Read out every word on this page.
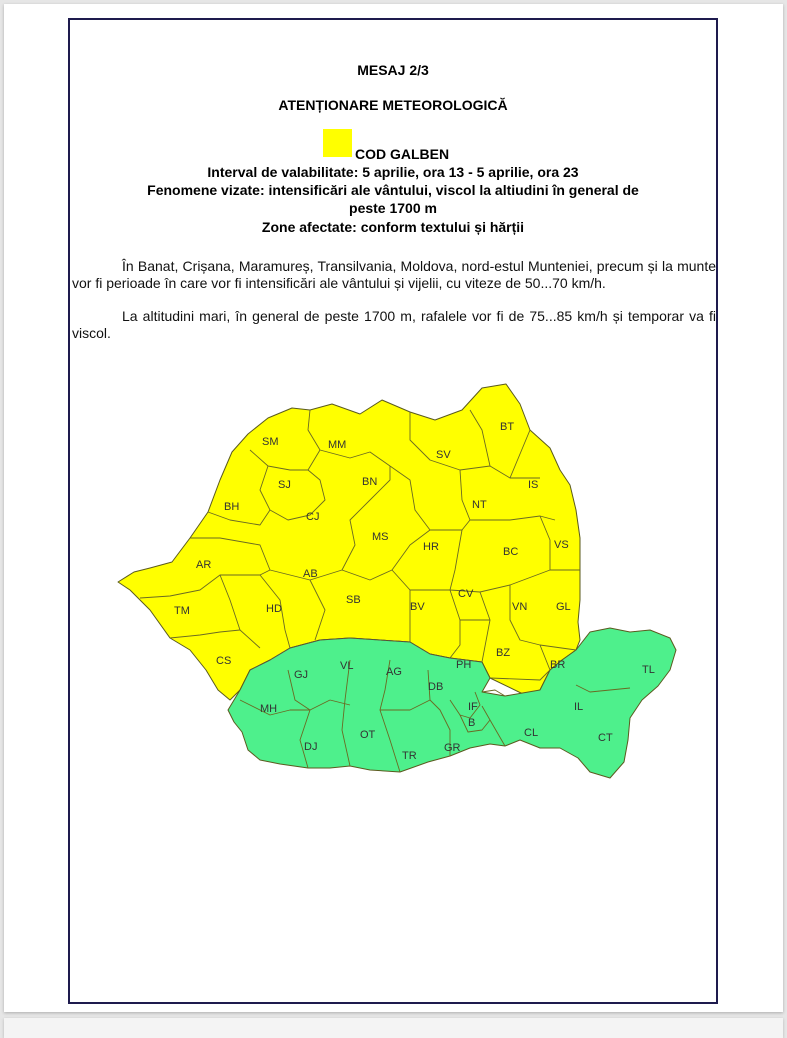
MESAJ 2/3
ATENȚIONARE METEOROLOGICĂ
COD GALBEN
Interval de valabilitate: 5 aprilie, ora 13 - 5 aprilie, ora 23
Fenomene vizate: intensificări ale vântului, viscol la altiudini în general de
peste 1700 m
Zone afectate: conform textului și hărții
În Banat, Crișana, Maramureș, Transilvania, Moldova, nord-estul Munteniei, precum și la munte vor fi perioade în care vor fi intensificări ale vântului și vijelii, cu viteze de 50...70 km/h.
La altitudini mari, în general de peste 1700 m, rafalele vor fi de 75...85 km/h și temporar va fi viscol.
SM	MM
BT
SV
IS
SJ	BN
BH
CJ
NT
MS
HR	BC
VS
AR
AB
CV
TM	HD
SB
BV	VN	GL
CS
BZ
BR
IL
GJ
VL	AG
DB
PH	TL
MH	IF
B
DJ
OT
TR
GR
CL	CT
